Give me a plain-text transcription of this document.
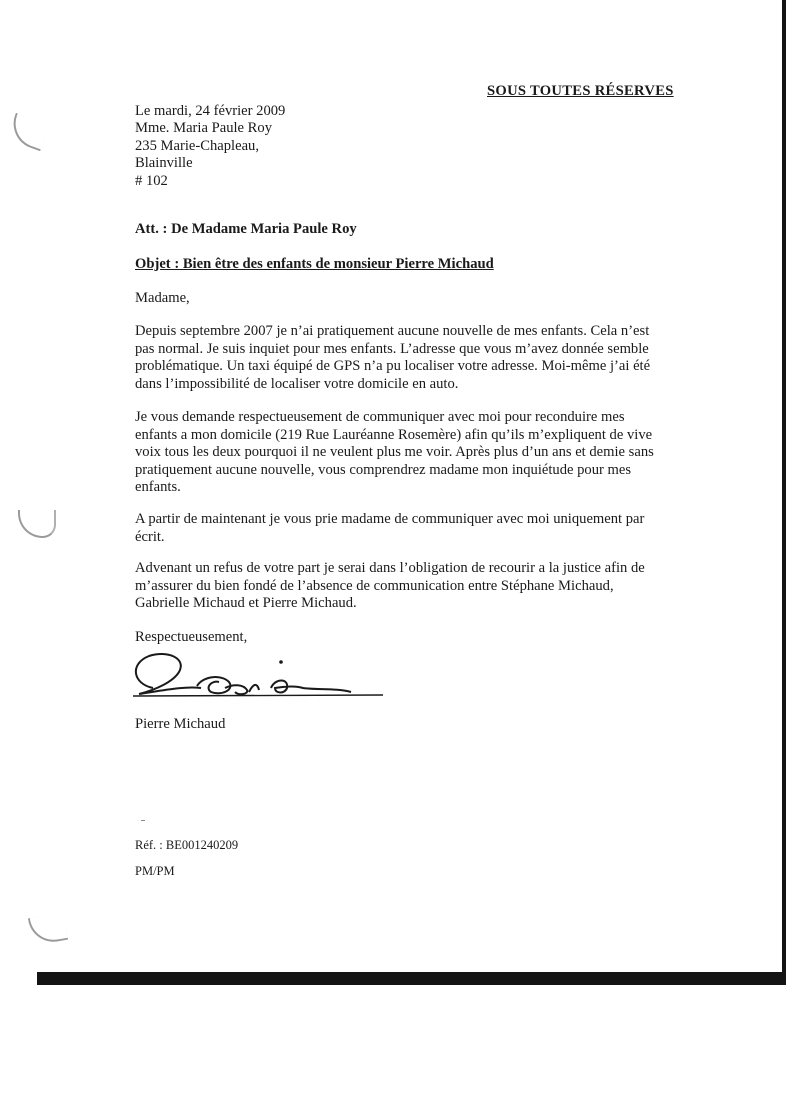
SOUS TOUTES RÉSERVES
Le mardi, 24 février 2009
Mme. Maria Paule Roy
235 Marie-Chapleau,
Blainville
# 102
Att. : De Madame Maria Paule Roy
Objet : Bien être des enfants de monsieur Pierre Michaud
Madame,
Depuis septembre 2007 je n’ai pratiquement aucune nouvelle de mes enfants. Cela n’est
pas normal. Je suis inquiet pour mes enfants. L’adresse que vous m’avez donnée semble
problématique. Un taxi équipé de GPS n’a pu localiser votre adresse. Moi-même j’ai été
dans l’impossibilité de localiser votre domicile en auto.
Je vous demande respectueusement de communiquer avec moi pour reconduire mes
enfants a mon domicile (219 Rue Lauréanne Rosemère) afin qu’ils m’expliquent de vive
voix tous les deux pourquoi il ne veulent plus me voir. Après plus d’un ans et demie sans
pratiquement aucune nouvelle, vous comprendrez madame mon inquiétude pour mes
enfants.
A partir de maintenant je vous prie madame de communiquer avec moi uniquement par
écrit.
Advenant un refus de votre part je serai dans l’obligation de recourir a la justice afin de
m’assurer du bien fondé de l’absence de communication entre Stéphane Michaud,
Gabrielle Michaud et Pierre Michaud.
Respectueusement,
Pierre Michaud
Réf. : BE001240209
PM/PM
